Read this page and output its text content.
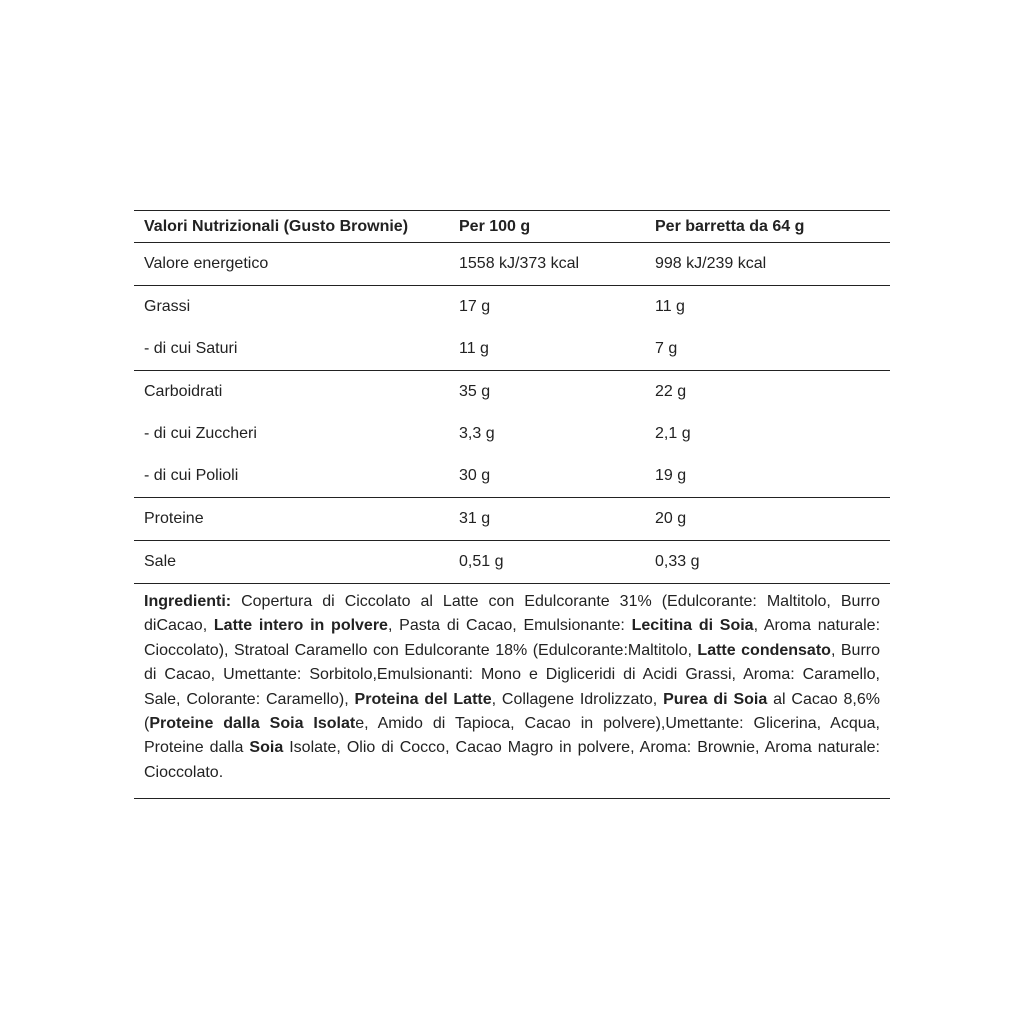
Valori Nutrizionali (Gusto Brownie)	Per 100 g	Per barretta da 64 g
Valore energetico	1558 kJ/373 kcal	998 kJ/239 kcal
Grassi	17 g	11 g
- di cui Saturi	11 g	7 g
Carboidrati	35 g	22 g
- di cui Zuccheri	3,3 g	2,1 g
- di cui Polioli	30 g	19 g
Proteine	31 g	20 g
Sale	0,51 g	0,33 g
Ingredienti: Copertura di Ciccolato al Latte con Edulcorante 31% (Edulcorante: Maltitolo, Burro diCacao, Latte intero in polvere, Pasta di Cacao, Emulsionante: Lecitina di Soia, Aroma naturale: Cioccolato), Stratoal Caramello con Edulcorante 18% (Edulcorante:Maltitolo, Latte condensato, Burro di Cacao, Umettante: Sorbitolo,Emulsionanti: Mono e Digliceridi di Acidi Grassi, Aroma: Caramello, Sale, Colorante: Caramello), Proteina del Latte, Collagene Idrolizzato, Purea di Soia al Cacao 8,6% (Proteine dalla Soia Isolate, Amido di Tapioca, Cacao in polvere),Umettante: Glicerina, Acqua, Proteine dalla Soia Isolate, Olio di Cocco, Cacao Magro in polvere, Aroma: Brownie, Aroma naturale: Cioccolato.
